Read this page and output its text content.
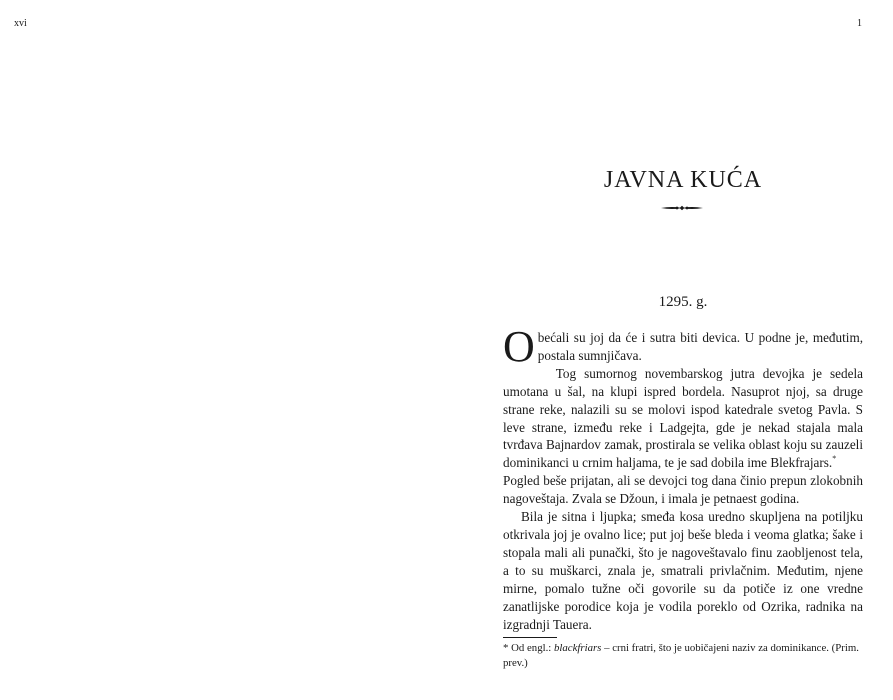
xvi	1
JAVNA KUĆA
1295. g.

Obećali su joj da će i sutra biti devica. U podne je, međutim, postala sumnjičava.

Tog sumornog novembarskog jutra devojka je sedela umotana u šal, na klupi ispred bordela. Nasuprot njoj, sa druge strane reke, nalazili su se molovi ispod katedrale svetog Pavla. S leve strane, između reke i Ladgejta, gde je nekad stajala mala tvrđava Bajnardov zamak, prostirala se velika oblast koju su zauzeli dominikanci u crnim haljama, te je sad dobila ime Blekfrajars.*

Pogled beše prijatan, ali se devojci tog dana činio prepun zlokobnih nagoveštaja. Zvala se Džoun, i imala je petnaest godina.

Bila je sitna i ljupka; smeđa kosa uredno skupljena na potiljku otkrivala joj je ovalno lice; put joj beše bleda i veoma glatka; šake i stopala mali ali punački, što je nagoveštavalo finu zaobljenost tela, a to su muškarci, znala je, smatrali privlačnim. Međutim, njene mirne, pomalo tužne oči govorile su da potiče iz one vredne zanatlijske porodice koja je vodila poreklo od Ozrika, radnika na izgradnji Tauera.

* Od engl.: blackfriars – crni fratri, što je uobičajeni naziv za dominikance. (Prim. prev.)
